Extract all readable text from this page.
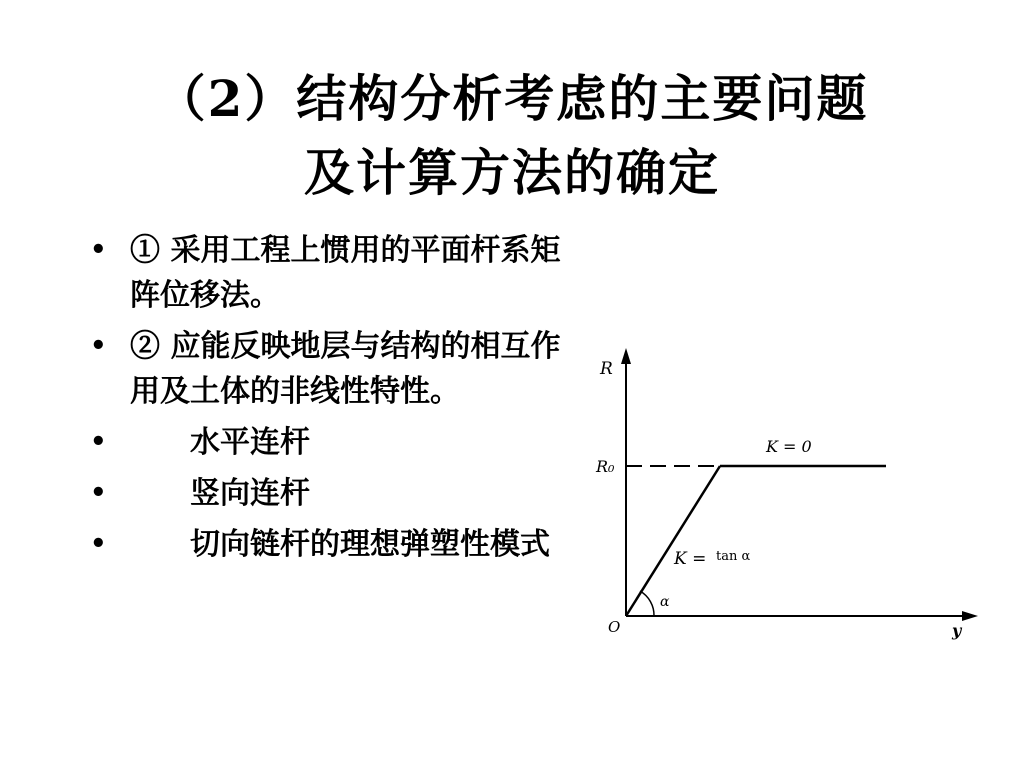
（2）结构分析考虑的主要问题
及计算方法的确定
• ① 采用工程上惯用的平面杆系矩阵位移法。
• ② 应能反映地层与结构的相互作用及土体的非线性特性。
•	水平连杆
•	竖向连杆
•	切向链杆的理想弹塑性模式
R
R₀
K = 0
K = tan α
α
O	y
